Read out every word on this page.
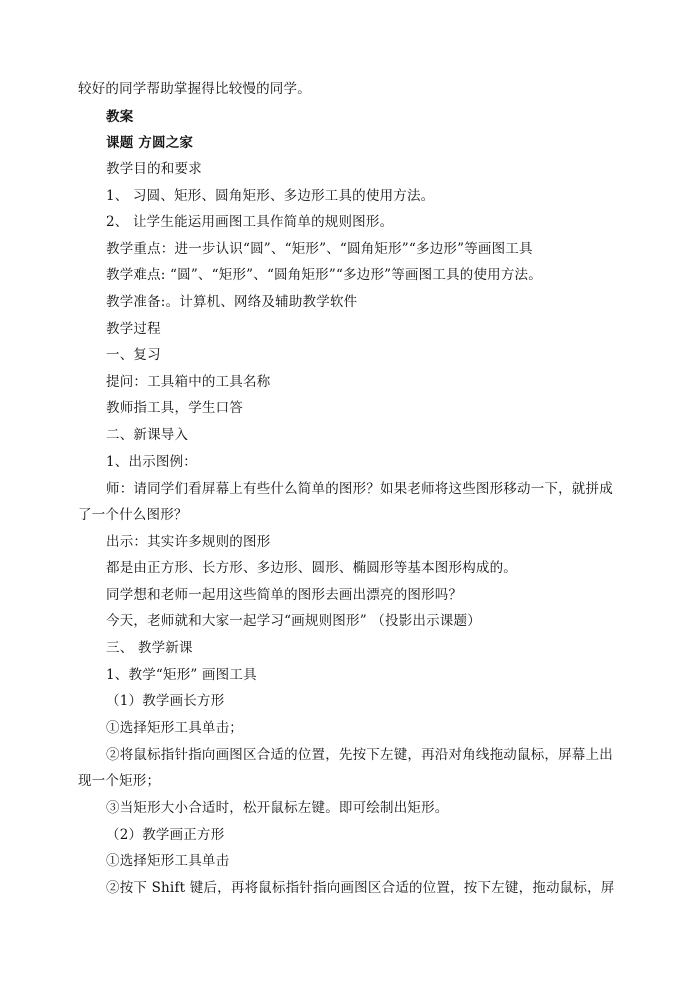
较好的同学帮助掌握得比较慢的同学。
教案
课题 方圆之家
教学目的和要求
1、 习圆、矩形、圆角矩形、多边形工具的使用方法。
2、 让学生能运用画图工具作简单的规则图形。
教学重点：进一步认识“圆”、“矩形”、“圆角矩形”“多边形”等画图工具
教学难点: “圆”、“矩形”、“圆角矩形”“多边形”等画图工具的使用方法。
教学准备:。计算机、网络及辅助教学软件
教学过程
一、复习
提问：工具箱中的工具名称
教师指工具，学生口答
二、新课导入
1、出示图例：
师：请同学们看屏幕上有些什么简单的图形？如果老师将这些图形移动一下，就拼成
了一个什么图形？
出示：其实许多规则的图形
都是由正方形、长方形、多边形、圆形、椭圆形等基本图形构成的。
同学想和老师一起用这些简单的图形去画出漂亮的图形吗？
今天，老师就和大家一起学习“画规则图形” （投影出示课题）
三、 教学新课
1、教学“矩形” 画图工具
（1）教学画长方形
①选择矩形工具单击；
②将鼠标指针指向画图区合适的位置，先按下左键，再沿对角线拖动鼠标，屏幕上出
现一个矩形；
③当矩形大小合适时，松开鼠标左键。即可绘制出矩形。
（2）教学画正方形
①选择矩形工具单击
②按下 Shift 键后，再将鼠标指针指向画图区合适的位置，按下左键，拖动鼠标，屏
